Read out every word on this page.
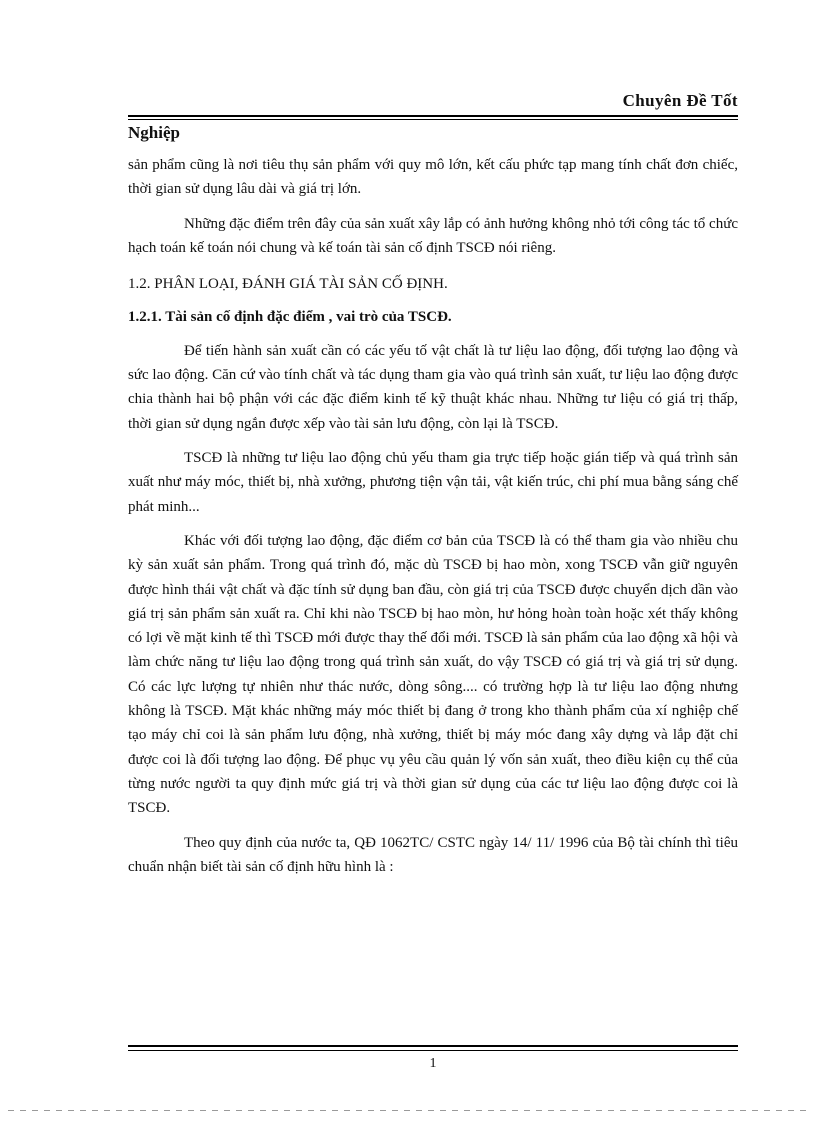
Chuyên Đề Tốt
Nghiệp

sản phẩm cũng là nơi tiêu thụ sản phẩm với quy mô lớn, kết cấu phức tạp mang tính chất đơn chiếc, thời gian sử dụng lâu dài và giá trị lớn.

Những đặc điểm trên đây của sản xuất xây lắp có ảnh hưởng không nhỏ tới công tác tổ chức hạch toán kế toán nói chung và kế toán tài sản cố định TSCĐ nói riêng.

1.2. PHÂN LOẠI, ĐÁNH GIÁ TÀI SẢN CỐ ĐỊNH.
1.2.1. Tài sản cố định đặc điểm , vai trò của TSCĐ.

Để tiến hành sản xuất cần có các yếu tố vật chất là tư liệu lao động, đối tượng lao động và sức lao động. Căn cứ vào tính chất và tác dụng tham gia vào quá trình sản xuất, tư liệu lao động được chia thành hai bộ phận với các đặc điểm kinh tế kỹ thuật khác nhau. Những tư liệu có giá trị thấp, thời gian sử dụng ngắn được xếp vào tài sản lưu động, còn lại là TSCĐ.

TSCĐ là những tư liệu lao động chủ yếu tham gia trực tiếp hoặc gián tiếp và quá trình sản xuất như máy móc, thiết bị, nhà xưởng, phương tiện vận tải, vật kiến trúc, chi phí mua bằng sáng chế phát minh...

Khác với đối tượng lao động, đặc điểm cơ bản của TSCĐ là có thể tham gia vào nhiều chu kỳ sản xuất sản phẩm. Trong quá trình đó, mặc dù TSCĐ bị hao mòn, xong TSCĐ vẫn giữ nguyên được hình thái vật chất và đặc tính sử dụng ban đầu, còn giá trị của TSCĐ được chuyển dịch dần vào giá trị sản phẩm sản xuất ra. Chỉ khi nào TSCĐ bị hao mòn, hư hỏng hoàn toàn hoặc xét thấy không có lợi về mặt kinh tế thì TSCĐ mới được thay thế đổi mới. TSCĐ là sản phẩm của lao động xã hội và làm chức năng tư liệu lao động trong quá trình sản xuất, do vậy TSCĐ có giá trị và giá trị sử dụng. Có các lực lượng tự nhiên như thác nước, dòng sông.... có trường hợp là tư liệu lao động nhưng không là TSCĐ. Mặt khác những máy móc thiết bị đang ở trong kho thành phẩm của xí nghiệp chế tạo máy chỉ coi là sản phẩm lưu động, nhà xưởng, thiết bị máy móc đang xây dựng và lắp đặt chỉ được coi là đối tượng lao động. Để phục vụ yêu cầu quản lý vốn sản xuất, theo điều kiện cụ thể của từng nước người ta quy định mức giá trị và thời gian sử dụng của các tư liệu lao động được coi là TSCĐ.

Theo quy định của nước ta, QĐ 1062TC/ CSTC ngày 14/ 11/ 1996 của Bộ tài chính thì tiêu chuẩn nhận biết tài sản cố định hữu hình là :

1
